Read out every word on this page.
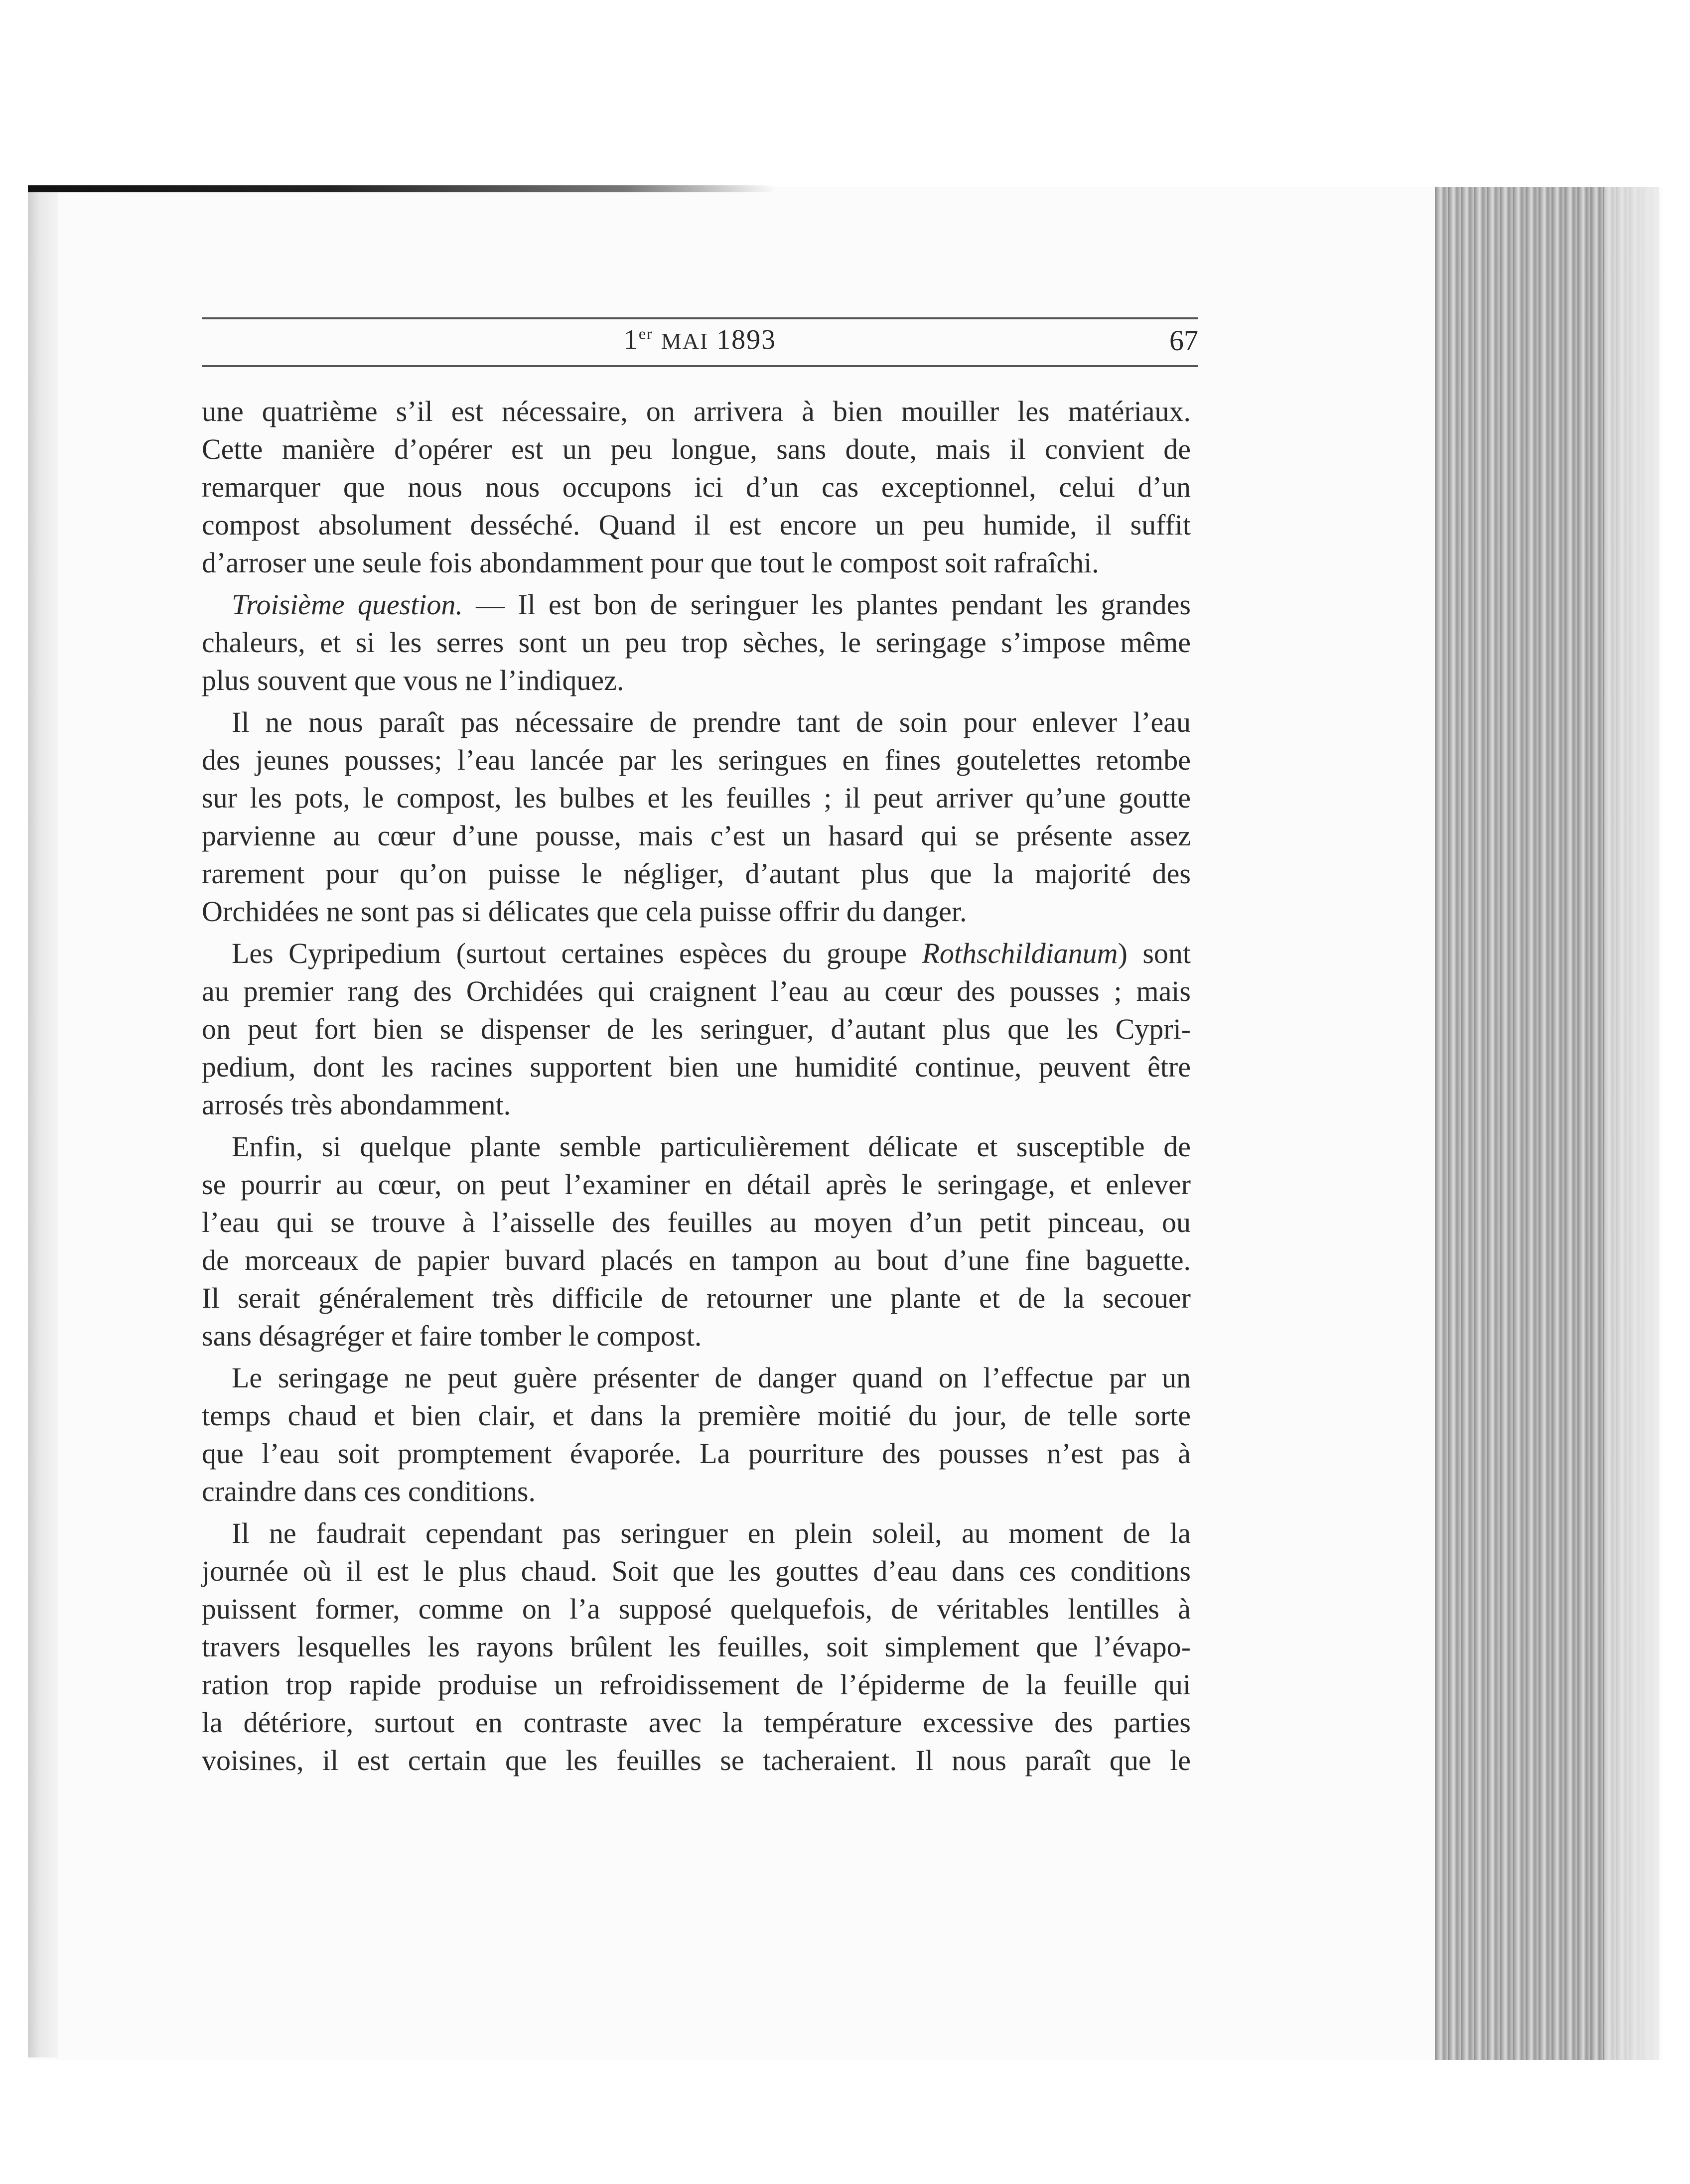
1er MAI 1893	67
une quatrième s’il est nécessaire, on arrivera à bien mouiller les matériaux.
Cette manière d’opérer est un peu longue, sans doute, mais il convient de
remarquer que nous nous occupons ici d’un cas exceptionnel, celui d’un
compost absolument desséché. Quand il est encore un peu humide, il suffit
d’arroser une seule fois abondamment pour que tout le compost soit rafraîchi.
Troisième question. — Il est bon de seringuer les plantes pendant les grandes
chaleurs, et si les serres sont un peu trop sèches, le seringage s’impose même
plus souvent que vous ne l’indiquez.
Il ne nous paraît pas nécessaire de prendre tant de soin pour enlever l’eau
des jeunes pousses; l’eau lancée par les seringues en fines goutelettes retombe
sur les pots, le compost, les bulbes et les feuilles ; il peut arriver qu’une goutte
parvienne au cœur d’une pousse, mais c’est un hasard qui se présente assez
rarement pour qu’on puisse le négliger, d’autant plus que la majorité des
Orchidées ne sont pas si délicates que cela puisse offrir du danger.
Les Cypripedium (surtout certaines espèces du groupe Rothschildianum) sont
au premier rang des Orchidées qui craignent l’eau au cœur des pousses ; mais
on peut fort bien se dispenser de les seringuer, d’autant plus que les Cypri-
pedium, dont les racines supportent bien une humidité continue, peuvent être
arrosés très abondamment.
Enfin, si quelque plante semble particulièrement délicate et susceptible de
se pourrir au cœur, on peut l’examiner en détail après le seringage, et enlever
l’eau qui se trouve à l’aisselle des feuilles au moyen d’un petit pinceau, ou
de morceaux de papier buvard placés en tampon au bout d’une fine baguette.
Il serait généralement très difficile de retourner une plante et de la secouer
sans désagréger et faire tomber le compost.
Le seringage ne peut guère présenter de danger quand on l’effectue par un
temps chaud et bien clair, et dans la première moitié du jour, de telle sorte
que l’eau soit promptement évaporée. La pourriture des pousses n’est pas à
craindre dans ces conditions.
Il ne faudrait cependant pas seringuer en plein soleil, au moment de la
journée où il est le plus chaud. Soit que les gouttes d’eau dans ces conditions
puissent former, comme on l’a supposé quelquefois, de véritables lentilles à
travers lesquelles les rayons brûlent les feuilles, soit simplement que l’évapo-
ration trop rapide produise un refroidissement de l’épiderme de la feuille qui
la détériore, surtout en contraste avec la température excessive des parties
voisines, il est certain que les feuilles se tacheraient. Il nous paraît que le
